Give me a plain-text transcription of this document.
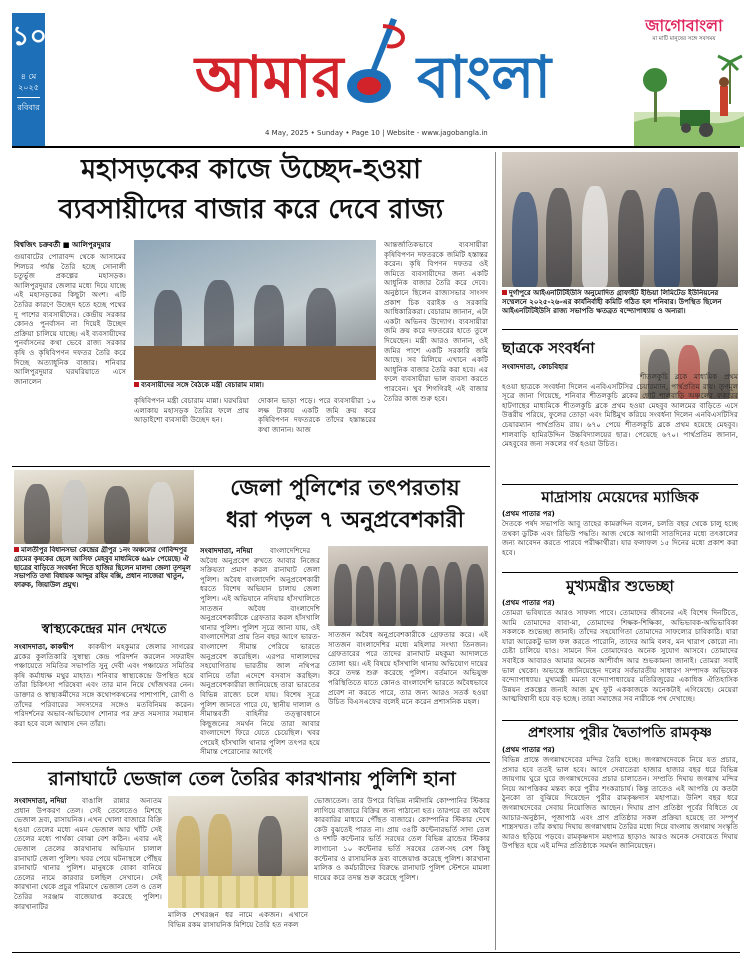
১০
৪ মে
২০২৫
রবিবার	আমার বাংলা
4 May, 2025 • Sunday • Page 10 | Website - www.jagobangla.in
জাগোবাংলা
মা মাটি মানুষের সঙ্গে সবসময়
মহাসড়কের কাজে উচ্ছেদ-হওয়া
ব্যবসায়ীদের বাজার করে দেবে রাজ্য
বিশ্বজিৎ চক্রবর্তী ■ আলিপুরদুয়ার
গুয়াবাটের পোরাবন্দ থেকে আসামের শিলচর পর্যন্ত তৈরি হচ্ছে সোনালী চতুর্ভুজ প্রকল্পের মহাসড়ক। আলিপুরদুয়ার জেলার মধ্যে দিয়ে যাচ্ছে এই মহাসড়কের কিছুটা অংশ। এটি তৈরির কারণে উচ্ছেদ হতে হচ্ছে পথের দু পাশের ব্যবসায়ীদের। কেন্দ্রীয় সরকার কোনও পুনর্বাসন না দিয়েই উচ্ছেদ প্রক্রিয়া চালিয়ে যাচ্ছে। এই ব্যবসায়ীদের পুনর্বাসনের কথা ভেবে রাজ্য সরকার কৃষি ও কৃষিবিপণন দফতর তৈরি করে দিচ্ছে অত্যাধুনিক বাজার। শনিবার আলিপুরদুয়ার ঘরঘরিয়াতে এসে জানালেন	ব্যবসায়ীদের সঙ্গে বৈঠকে মন্ত্রী বেচারাম মান্না।
কৃষিবিপণন মন্ত্রী বেচারাম মান্না। ঘরঘরিয়া এলাকায় মহাসড়ক তৈরির ফলে প্রায় আড়াইশো ব্যবসায়ী উচ্ছেদ হন।
দোকান ভাড়া পড়ে। পরে ব্যবসায়ীরা ১০ লক্ষ টাকায় একটি জমি ক্রয় করে কৃষিবিপণন দফতরকে তাঁদের হস্তান্তরের কথা জানান। আজ
আন্তর্জাতিকভাবে ব্যবসায়ীরা কৃষিবিপণন দফতরকে জমিটি হস্তান্তর করেন। কৃষি বিপণন দফতর ওই জমিতে ব্যবসায়ীদের জন্য একটি আধুনিক বাজার তৈরি করে দেবে। অনুষ্ঠানে ছিলেন রাজ্যসভার সাংসদ প্রকাশ চিক বরাইক ও সরকারি আধিকারিকরা। বেচারাম জানান, এটা একটা অভিনব উদ্যোগ। ব্যবসায়ীরা জমি ক্রয় করে দফতরের হাতে তুলে দিয়েছেন। মন্ত্রী আরও জানান, ওই জমির পাশে একটি সরকারি জমি আছে। সব মিলিয়ে এখানে একটি আধুনিক বাজার তৈরি করা হবে। এর ফলে ব্যবসায়ীরা ভাল ব্যবসা করতে পারবেন। খুব শিগগিরই এই বাজার তৈরির কাজ শুরু হবে।
দুর্গাপুরে আইএনটিটিইউসি অনুমোদিত গ্রাফাইট ইন্ডিয়া লিমিটেড ইউনিয়নের সম্মেলনে ২০২৫-২৬-এর কার্যনির্বাহী কমিটি গঠিত হল শনিবার। উপস্থিত ছিলেন আইএনটিটিইউসি রাজ্য সভাপতি ঋতব্রত বন্দ্যোপাধ্যায় ও অন্যরা।
ছাত্রকে সংবর্ধনা
সংবাদদাতা, কোচবিহার
শীতলকুচি ব্লকে মাধ্যমিক প্রথম হওয়া ছাত্রকে সংবর্ধনা দিলেন এনবিএসটিসির চেয়ারম্যান, পার্থপ্রতিম রায়। তৃণমূল সূত্রে জানা গিয়েছে, শনিবার শীতলকুচি ব্লকের ছোট শালবাড়ি অঞ্চলের ফকরের হাটগাছের মাধ্যমিকে শীতলকুচি ব্লকে প্রথম হওয়া মেহবুব আলমের বাড়িতে এসে উত্তরীয় পরিয়ে, ফুলের তোড়া এবং মিষ্টিমুখ করিয়ে সংবর্ধনা দিলেন এনবিএসটিসির চেয়ারম্যান পার্থপ্রতিম রায়। ৬৭০ পেয়ে শীতলকুচি ব্লকে প্রথম হয়েছে মেহবুব। শালবাড়ি হামিরউদ্দিন উচ্চবিদ্যালয়ের ছাত্র। পেয়েছে ৬৭০। পার্থপ্রতিম জানান, মেহবুবের জন্য সকলের গর্ব হওয়া উচিত।
মাদ্রাসায় মেয়েদের ম্যাজিক
(প্রথম পাতার পর)
দৈতকে পর্ষদ সভাপতি আবু তাহের কামরুদ্দিন বলেন, চলতি বছর থেকে চালু হচ্ছে তথকা ডুটিক এবং রিভিউ পদ্ধতি। আজ থেকে আগামী সাতদিনের মধ্যে তৎকালের জন্য আবেদন করতে পারবে পরীক্ষার্থীরা। যার ফলাফল ১৫ দিনের মধ্যে প্রকাশ করা হবে।
মুখ্যমন্ত্রীর শুভেচ্ছা
(প্রথম পাতার পর)
তোমরা ভবিষ্যতে আরও সাফল্য পাবে। তোমাদের জীবনের এই বিশেষ দিনটিতে, আমি তোমাদের বাবা-মা, তোমাদের শিক্ষক-শিক্ষিকা, অভিভাবক-অভিভাবিকা সকলকে শুভেচ্ছা জানাই। তাঁদের সহযোগিতা তোমাদের সাফল্যের চাবিকাঠি। যারা যারা আরেকটু ভাল ফল করতে পারোনি, তাদের আমি বলব, মন খারাপ কোরো না। চেষ্টা চালিয়ে যাও। সামনে দিন তোমাদেরও অনেক সুযোগ আসবে। তোমাদের সবাইকে আবারও আমার অনেক আশীর্বাদ আর শুভকামনা জানাই। তোমরা সবাই ভাল থেকো। অভ্যস্তে জানিয়েছেন দলের সর্বভারতীয় সাধারণ সম্পাদক অভিষেক বন্দ্যোপাধ্যায়। মুখ্যমন্ত্রী মমতা বন্দ্যোপাধ্যায়ের মতিরিজুরের একাধিক ঐতিহাসিক উন্নয়ন প্রকল্পের জন্যই আজ মুখ ফুট এককাজকে অনেকটাই এগিয়েছে। মেয়েরা আত্মবিশ্বাসী হয়ে বড় হচ্ছে। তারা সমাজের সব নারীকে পথ দেখাচ্ছে।
প্রশংসায় পুরীর দ্বৈতাপতি রামকৃষ্ণ
(প্রথম পাতার পর)
বিভিন্ন প্রান্তে জগন্নাথদেবের মন্দির তৈরি হচ্ছে। জগন্নাথদেবকে নিয়ে যত প্রচার, প্রসার হবে ততই ভাল হবে। আগে সেবাতেরা হাজার হাজার বছর ধরে বিভিন্ন জায়গায় ঘুরে ঘুরে জগন্নাথদেবের প্রচার চালাতেন। সম্প্রতি দিঘায় জগন্নাথ মন্দির নিয়ে আপত্তিকর মন্তব্য করে পুরীর শংকরাচার্য। কিন্তু তাতেও এই আপত্তি যে কতটা ঠুনকো তা বুঝিয়ে দিয়েছেন পুরীর রামকৃষ্ণদাস মহাপাত্র। উনিশ বছর ধরে জগন্নাথদেবের সেবায় নিয়োজিত আছেন। দিঘায় প্রাণ প্রতিষ্ঠা পূর্বের বিধিতে যে আচার-অনুষ্ঠান, পূজাপাঠ এবং প্রাণ প্রতিষ্ঠার সকল প্রক্রিয়া হয়েছে তা সম্পূর্ণ শাস্ত্রসম্মত। তাঁর কথায় দিঘায় জগন্নাথধাম তৈরির মধ্যে দিয়ে বাংলায় জগন্নাথ সংস্কৃতি আরও ছড়িয়ে পড়বে। রামকৃষ্ণদাস মহাপাত্র ছাড়াও আরও অনেক সেবায়েত দিঘায় উপস্থিত হয়ে এই মন্দির প্রতিষ্ঠাকে সমর্থন জানিয়েছেন।
মালতীপুর বিধানসভা কেন্দ্রের গ্রীপুর ১নং অঞ্চলের গোবিন্দপুর গ্রামের কৃষকের ছেলে আসিফ মেহবুব মাধ্যমিকে ৬৯৮ পেয়েছে। ঐ ছাত্রের বাড়িতে সংবর্ধনা দিতে হাজির ছিলেন মালদা জেলা তৃণমূল সভাপতি তথা বিধায়ক আব্দুর রহিম বক্সি, প্রধান নাজেরা খাতুন, ফারুক, জিয়াউল প্রমুখ।
জেলা পুলিশের তৎপরতায়
ধরা পড়ল ৭ অনুপ্রবেশকারী
সংবাদদাতা, নদিয়া	বাংলাদেশিদের অবৈধ অনুপ্রবেশ রুখতে আবার নিজের সক্রিয়তা প্রমাণ করল রানাঘাট জেলা পুলিশ। অবৈধ বাংলাদেশি অনুপ্রবেশকারী ধরতে বিশেষ অভিযান চালায় জেলা পুলিশ। এই অভিযানে নদিয়ার হাঁসখালিতে সাতজন অবৈধ বাংলাদেশি অনুপ্রবেশকারীকে গ্রেফতার করল হাঁসখালি থানার পুলিশ। পুলিশ সূত্রে জানা যায়, ওই বাংলাদেশিরা প্রায় তিন বছর আগে ভারত-বাংলাদেশ সীমান্ত পেরিয়ে ভারতে অনুপ্রবেশ করেছিল। এরপর দালালদের সহযোগিতায় ভারতীয় জাল নথিপত্র বানিয়ে তাঁরা এদেশে বসবাস করছিল। অনুপ্রবেশকারীরা জানিয়েছে তারা ভারতের বিভিন্ন রাজ্যে চলে যায়। বিশেষ সূত্রে পুলিশ জানতে পারে যে, স্থানীয় দালাল ও সীমান্তবর্তী বাহিনীর তত্ত্বাবধানে কিছুজনের সমর্থন নিয়ে তারা আবার বাংলাদেশে ফিরে যেতে চেয়েছিল। খবর পেয়েই হাঁসখালি থানার পুলিশ তৎপর হয়ে সীমান্ত পেরোনোর আগেই
সাতজন অবৈধ অনুপ্রবেশকারীকে গ্রেফতার করে। এই সাতজন বাংলাদেশির মধ্যে মহিলার সংখ্যা তিনজন। গ্রেফতারের পরে তাদের রানাঘাট মহকুমা আদালতে তোলা হয়। এই বিষয়ে হাঁসখালি থানায় অভিযোগ দায়ের করে তদন্ত শুরু করেছে পুলিশ। বর্তমানে অভিযুক্ত পরিস্থিতিতে যাতে কোনও বাংলাদেশি ভারতে অবৈধভাবে প্রবেশ না করতে পারে, তার জন্য আরও সতর্ক হওয়া উচিত বিএসএফের বলেই মনে করেন প্রশাসনিক মহল।
স্বাস্থ্যকেন্দ্রের মান দেখতে
সংবাদদাতা, কাকদ্বীপ	কাকদ্বীপ মহকুমার জেলার সাগরের ব্লকের কুলতিকারি সুস্বাস্থ্য কেন্দ্র পরিদর্শন করলেন সফরাইদ পঞ্চায়েতে সমিতির সভাপতি সুনু দেবী এবং পঞ্চায়েত সমিতির কৃষি কর্মাধ্যক্ষ মথুর মাহাত। শনিবার স্বাস্থ্যকেন্দ্রে উপস্থিত হয়ে তাঁরা চিকিৎসা পরিষেবা এবং তার মান নিয়ে খোঁজখবর নেন। ডাক্তার ও স্বাস্থ্যকর্মীদের সঙ্গে কথোপকথনের পাশাপাশি, রোগী ও তাঁদের পরিবারের সদস্যদের সঙ্গেও মতবিনিময় করেন। পরিদর্শনের অভাব-অভিযোগ শোনার পর দ্রুত সমস্যার সমাধান করা হবে বলে আশ্বাস দেন তাঁরা।
রানাঘাটে ভেজাল তেল তৈরির কারখানায় পুলিশি হানা
সংবাদদাতা, নদিয়া	বাঙালি রান্নার অন্যতম প্রধান উপকরণ তেল। সেই তেলেতেও মিশছে ভেজাল দ্রব্য, রাসায়নিক। এখন খোলা বাজারে বিক্রি হওয়া তেলের মধ্যে এমন ভেজাল আর খাঁটি সেই তেলের মধ্যে পার্থক্য বোঝা বেশ কঠিন। এবার এই ভেজাল তেলের কারখানায় অভিযান চালাল রানাঘাট জেলা পুলিশ। খবর পেয়ে ঘটনাস্থলে পৌঁছয় রানাঘাট থানার পুলিশ। মানুষকে বোকা বানিয়ে তেলের নামে কারবার চলছিল সেখানে। সেই কারখানা থেকে প্রচুর পরিমাণে ভেজাল তেল ও তেল তৈরির সরঞ্জাম বাজেয়াপ্ত করেছে পুলিশ। কারখানাটির
মালিক শেখরঞ্জন ধর নামে একজন। এখানে বিভিন্ন রকম রাসায়নিক মিশিয়ে তৈরি হত নকল
ভোজ্যতেল। তার উপরে বিভিন্ন নামীদামি কোম্পানির স্টিকার লাগিয়ে বাজারে বিক্রির জন্য পাঠানো হত। তারপরে তা অবৈধ কারবারির মাধ্যমে পৌঁছত বাজারে। কোম্পানির স্টিকার দেখে কেউ বুঝতেই পারত না। প্রায় ৩৪টি কন্টেনারভর্তি সাদা তেল ও দশটি কন্টেনার ভর্তি সরষের তেল বিভিন্ন ব্রান্ডের স্টিকার লাগানো ১০ কন্টেনার ভর্তি সরষের তেল-সহ বেশ কিছু কন্টেনার ও রাসায়নিক দ্রব্য বাজেয়াপ্ত করেছে পুলিশ। কারখানা মালিক ও কর্মচারীদের বিরুদ্ধে রানাঘাট পুলিশ স্টেশনে মামলা দায়ের করে তদন্ত শুরু করেছে পুলিশ।
